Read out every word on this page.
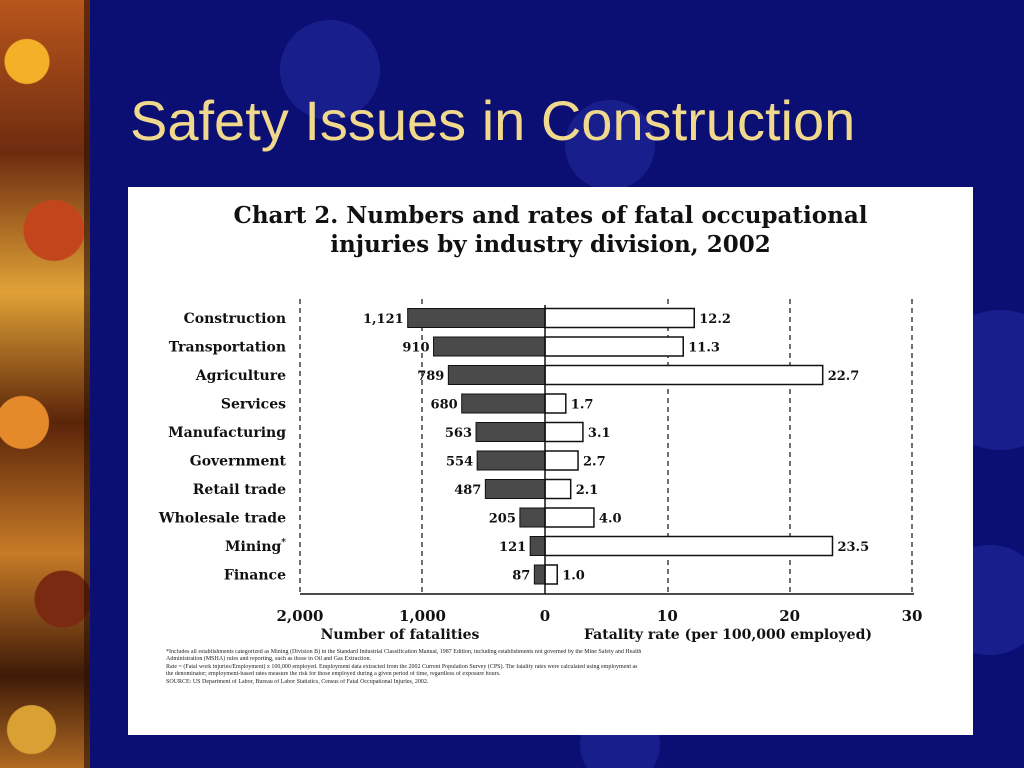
Safety Issues in Construction
Chart 2. Numbers and rates of fatal occupational
injuries by industry division, 2002
Construction	1,121	12.2
Transportation	910	11.3
Agriculture	789	22.7
Services	680	1.7
Manufacturing	563	3.1
Government	554	2.7
Retail trade	487	2.1
Wholesale trade	205	4.0
Mining*	121	23.5
Finance	87 1.0
2,000	1,000	0	10	20	30
Number of fatalities	Fatality rate (per 100,000 employed)
*Includes all establishments categorized as Mining (Division B) in the Standard Industrial Classification Manual, 1987 Edition, including establishments not governed by the Mine Safety and Health
Administration (MSHA) rules and reporting, such as those in Oil and Gas Extraction.
Rate = (Fatal work injuries/Employment) x 100,000 employed. Employment data extracted from the 2002 Current Population Survey (CPS). The fatality rates were calculated using employment as
the denominator; employment-based rates measure the risk for those employed during a given period of time, regardless of exposure hours.
SOURCE: US Department of Labor, Bureau of Labor Statistics, Census of Fatal Occupational Injuries, 2002.
